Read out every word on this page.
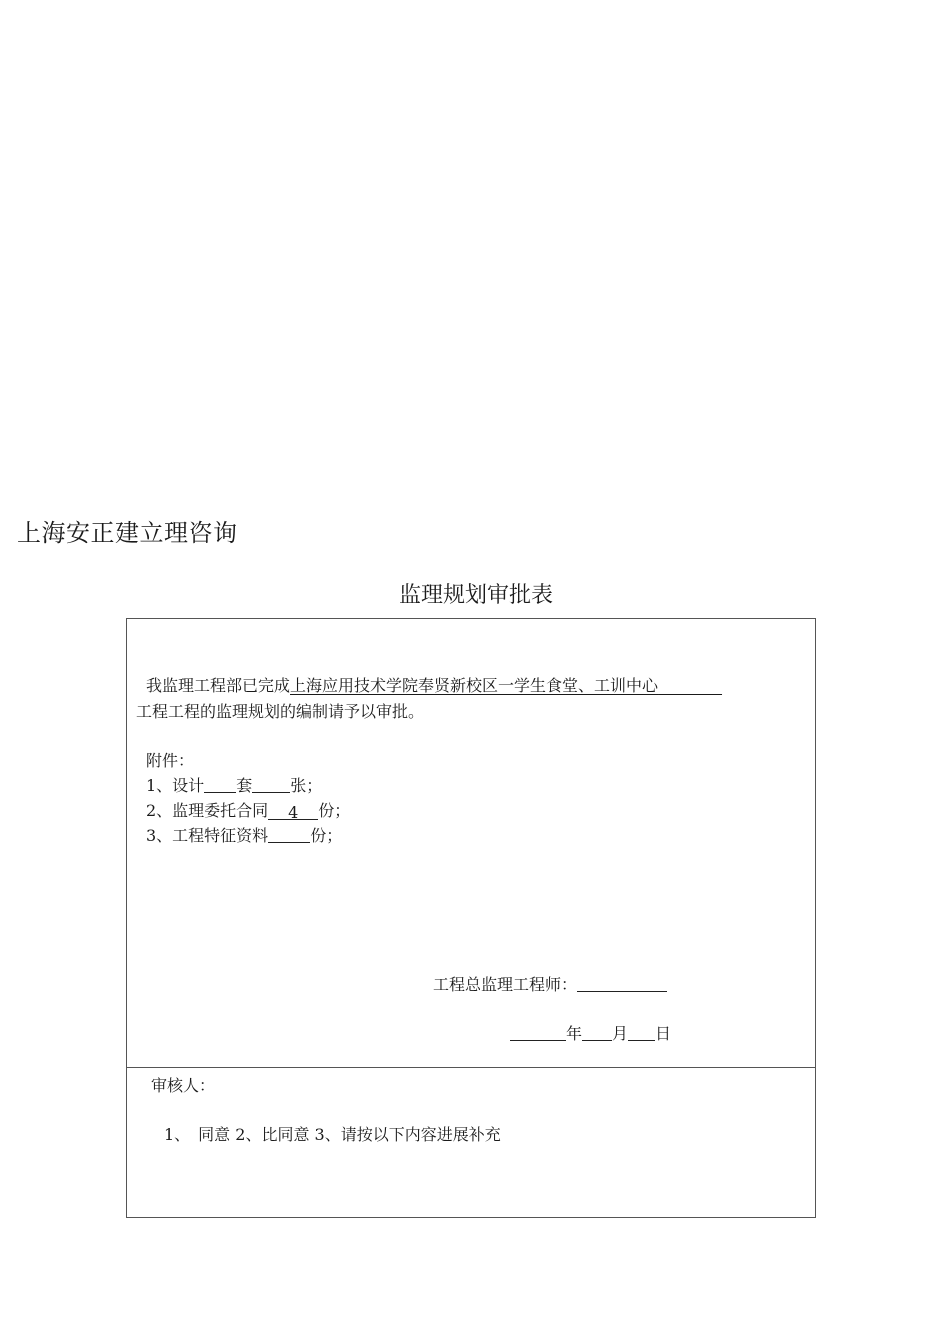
上海安正建立理咨询
监理规划审批表
我监理工程部已完成上海应用技术学院奉贤新校区一学生食堂、工训中心        
工程工程的监理规划的编制请予以审批。
附件：
1、设计 套 张；
2、监理委托合同 4 份；
3、工程特征资料	份；
工程总监理工程师：
年 月 日
审核人：
1、　同意 2、比同意 3、请按以下内容进展补充
